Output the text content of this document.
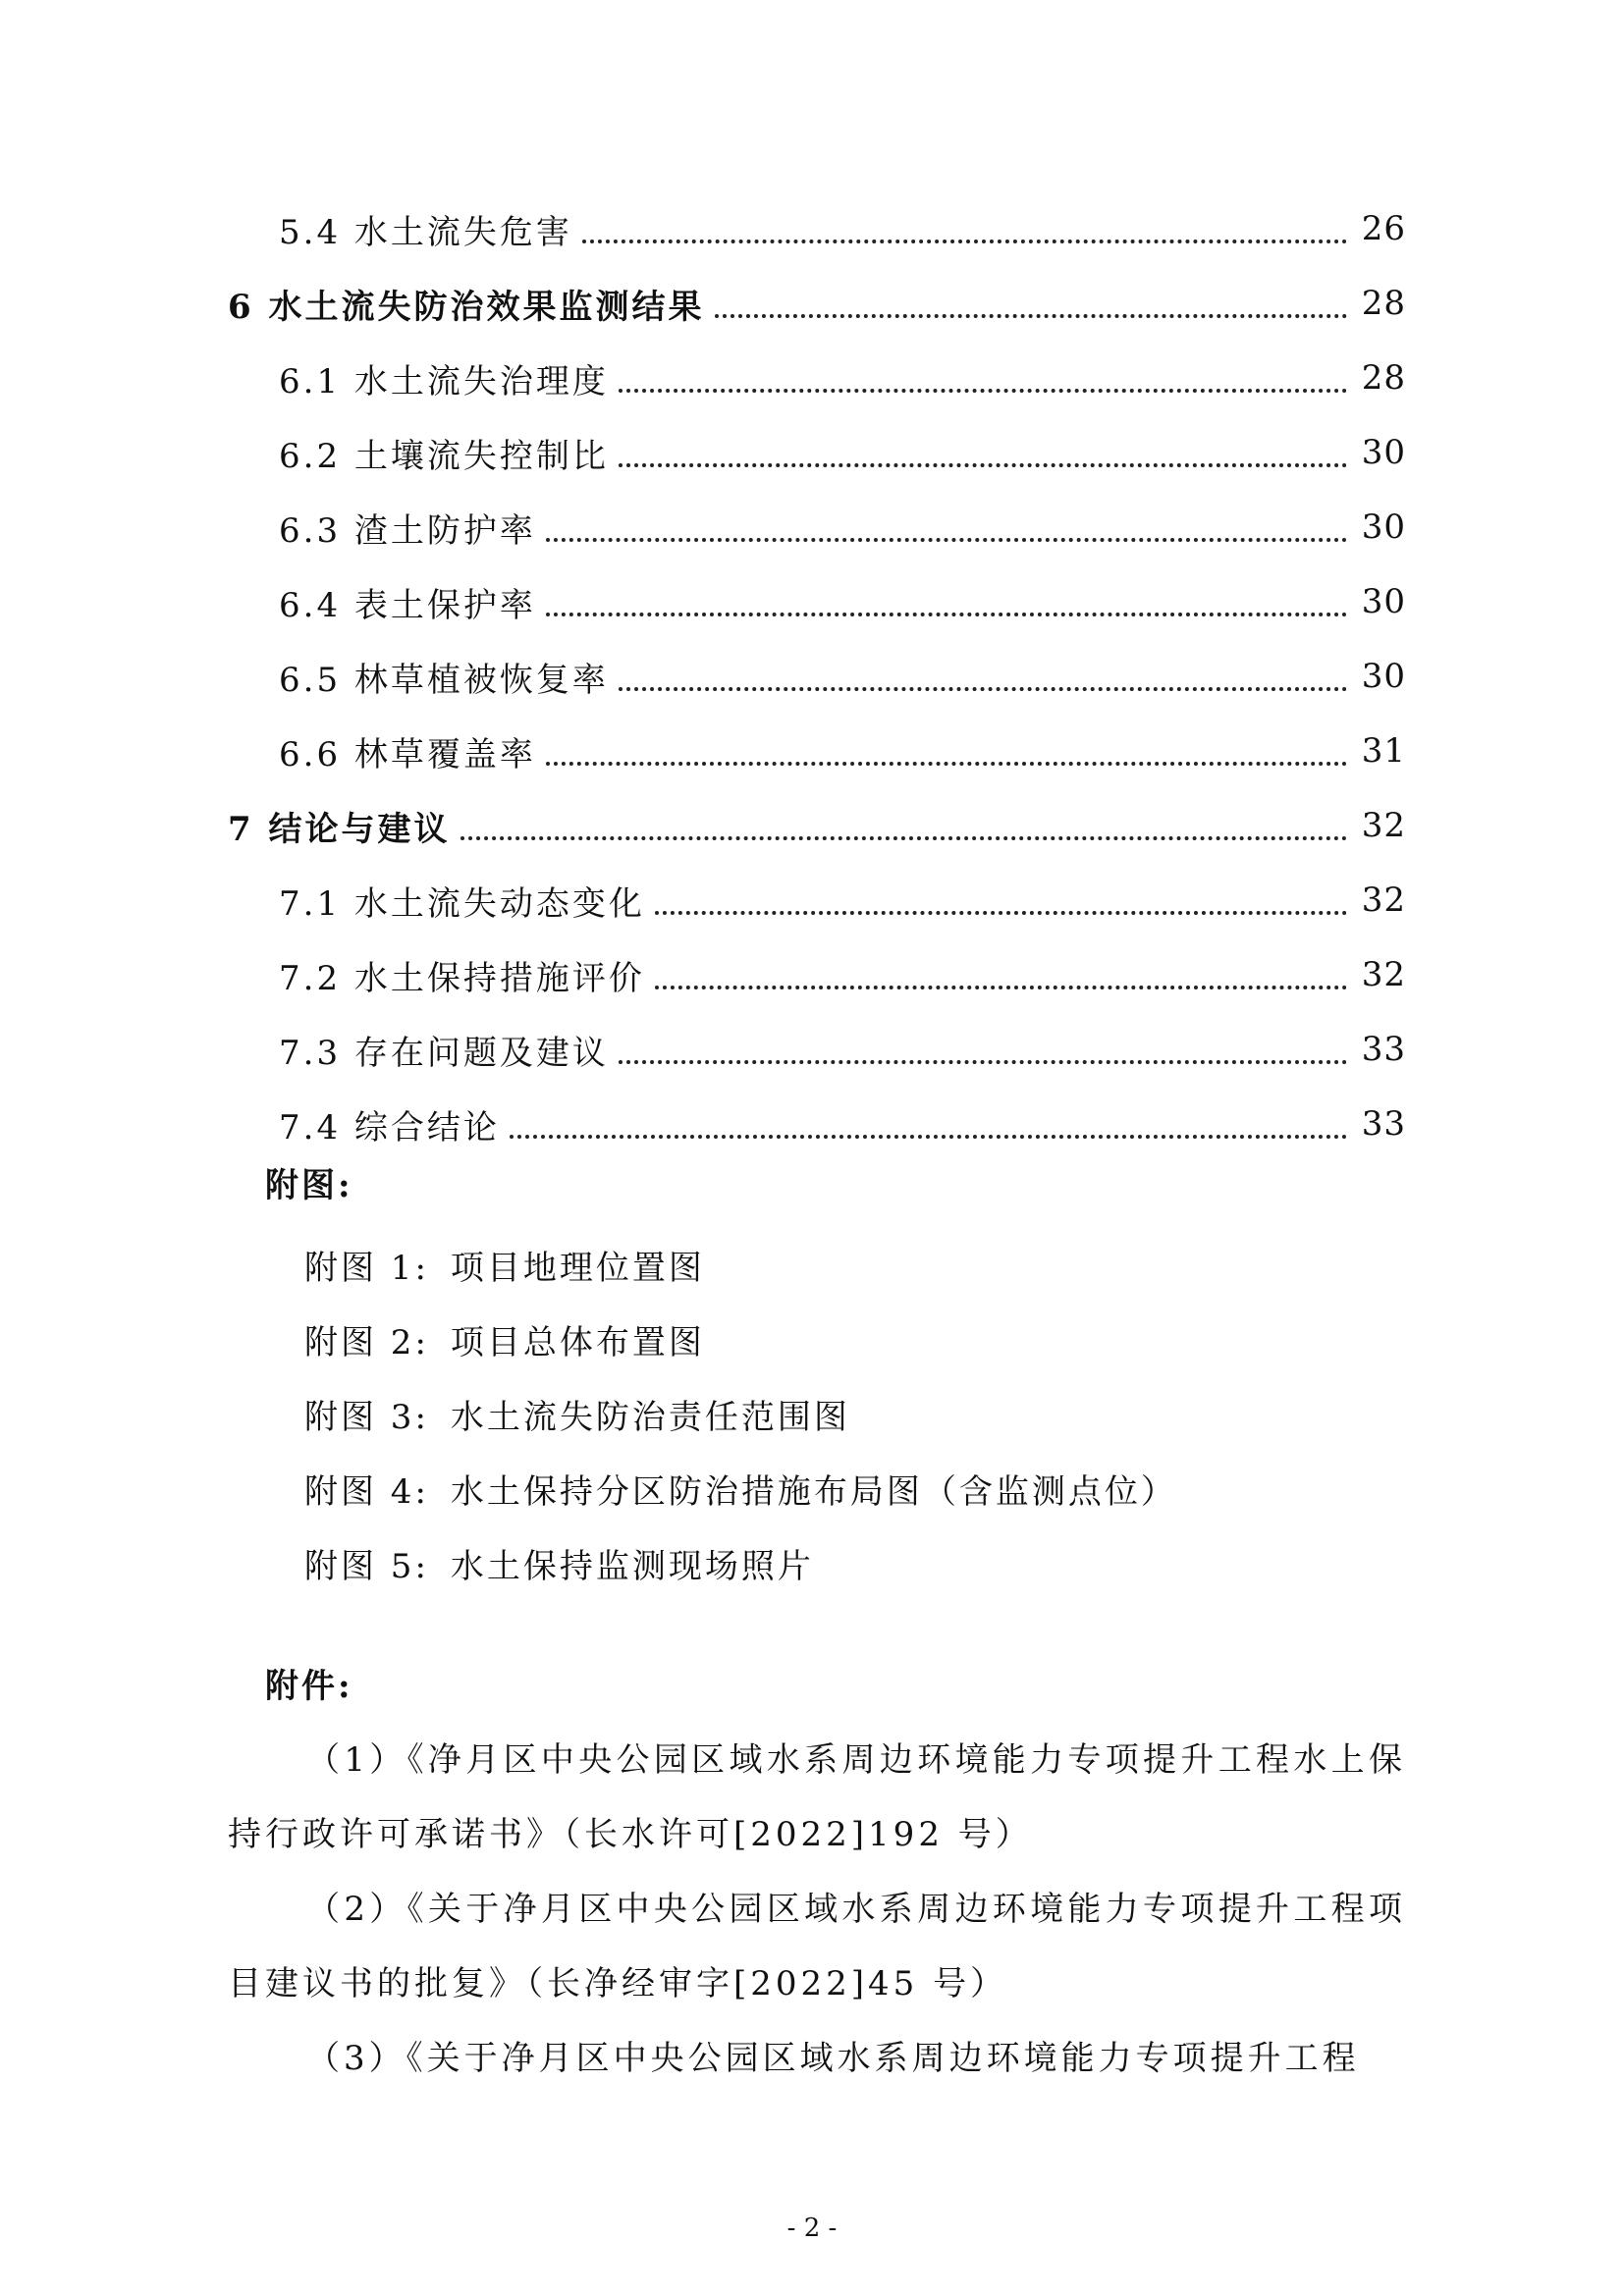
5.4 水土流失危害	26
6 水土流失防治效果监测结果	28
6.1 水土流失治理度	28
6.2 土壤流失控制比	30
6.3 渣土防护率	30
6.4 表土保护率	30
6.5 林草植被恢复率	30
6.6 林草覆盖率	31
7 结论与建议	32
7.1 水土流失动态变化	32
7.2 水土保持措施评价	32
7.3 存在问题及建议	33
7.4 综合结论	33
附图:
附图 1: 项目地理位置图
附图 2: 项目总体布置图
附图 3: 水土流失防治责任范围图
附图 4: 水土保持分区防治措施布局图（含监测点位）
附图 5: 水土保持监测现场照片
附件:

（1）《净月区中央公园区域水系周边环境能力专项提升工程水上保持行政许可承诺书》（长水许可[2022]192 号）

（2）《关于净月区中央公园区域水系周边环境能力专项提升工程项目建议书的批复》（长净经审字[2022]45 号）

（3）《关于净月区中央公园区域水系周边环境能力专项提升工程

- 2 -
